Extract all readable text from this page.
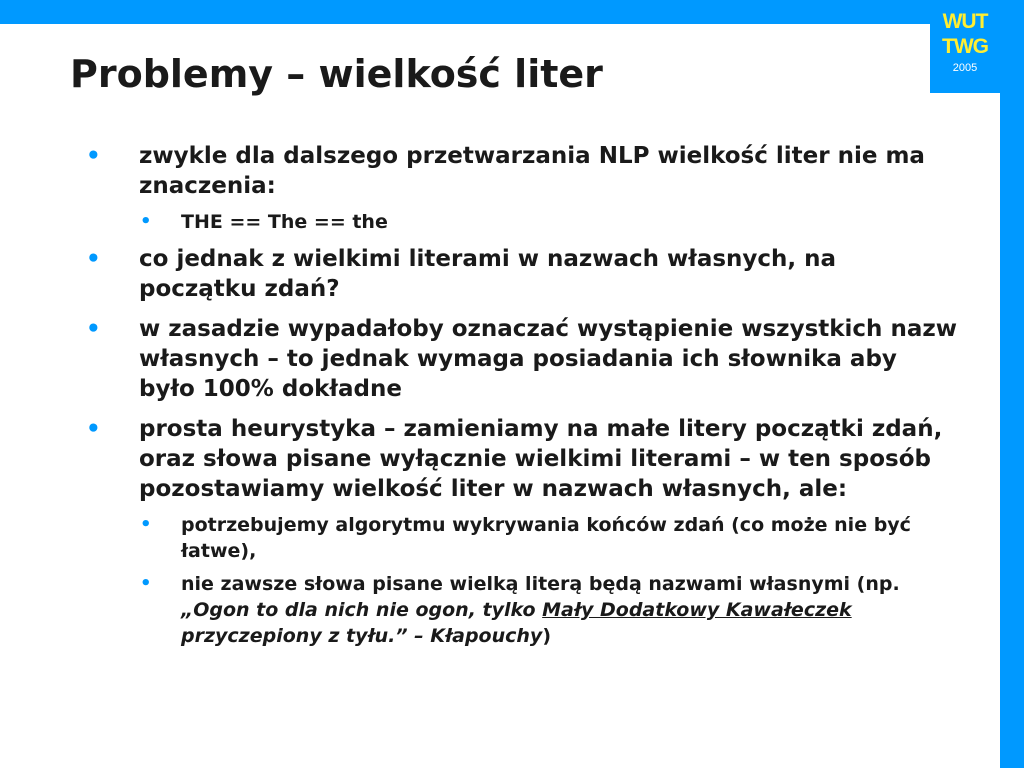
WUT
TWG
2005
Problemy – wielkość liter
• zwykle dla dalszego przetwarzania NLP wielkość liter nie ma znaczenia:
• THE == The == the
• co jednak z wielkimi literami w nazwach własnych, na początku zdań?
• w zasadzie wypadałoby oznaczać wystąpienie wszystkich nazw własnych – to jednak wymaga posiadania ich słownika aby było 100% dokładne
• prosta heurystyka – zamieniamy na małe litery początki zdań, oraz słowa pisane wyłącznie wielkimi literami – w ten sposób pozostawiamy wielkość liter w nazwach własnych, ale:
• potrzebujemy algorytmu wykrywania końców zdań (co może nie być łatwe),
• nie zawsze słowa pisane wielką literą będą nazwami własnymi (np. „Ogon to dla nich nie ogon, tylko Mały Dodatkowy Kawałeczek przyczepiony z tyłu.” – Kłapouchy)
